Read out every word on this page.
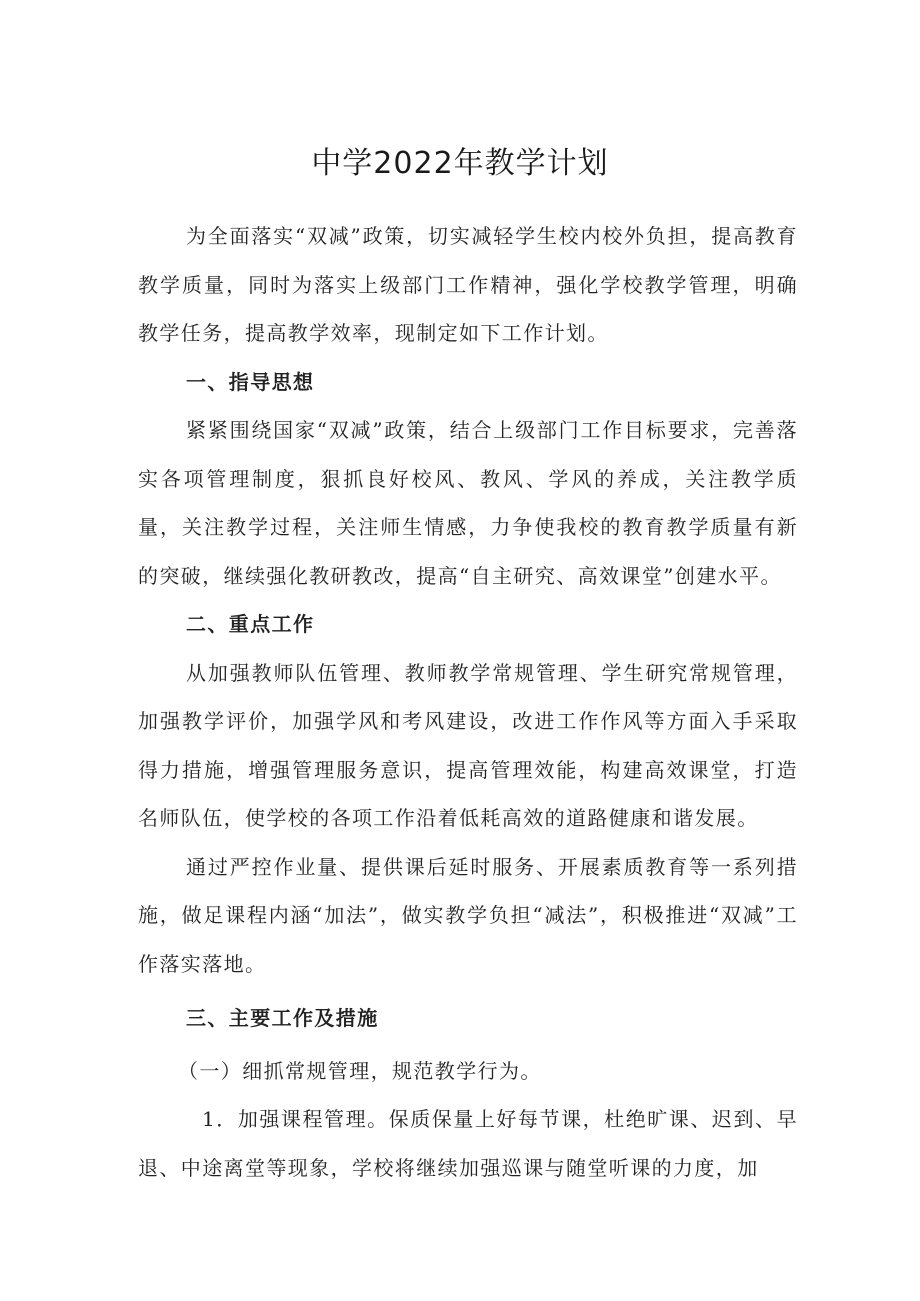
中学2022年教学计划

为全面落实“双减”政策，切实减轻学生校内校外负担，提高教育教学质量，同时为落实上级部门工作精神，强化学校教学管理，明确教学任务，提高教学效率，现制定如下工作计划。

一、指导思想

紧紧围绕国家“双减”政策，结合上级部门工作目标要求，完善落实各项管理制度，狠抓良好校风、教风、学风的养成，关注教学质量，关注教学过程，关注师生情感，力争使我校的教育教学质量有新的突破，继续强化教研教改，提高“自主研究、高效课堂”创建水平。

二、重点工作

从加强教师队伍管理、教师教学常规管理、学生研究常规管理，加强教学评价，加强学风和考风建设，改进工作作风等方面入手采取得力措施，增强管理服务意识，提高管理效能，构建高效课堂，打造名师队伍，使学校的各项工作沿着低耗高效的道路健康和谐发展。

通过严控作业量、提供课后延时服务、开展素质教育等一系列措施，做足课程内涵“加法”，做实教学负担“减法”，积极推进“双减”工作落实落地。

三、主要工作及措施

（一）细抓常规管理，规范教学行为。

1．加强课程管理。保质保量上好每节课，杜绝旷课、迟到、早退、中途离堂等现象，学校将继续加强巡课与随堂听课的力度，加
